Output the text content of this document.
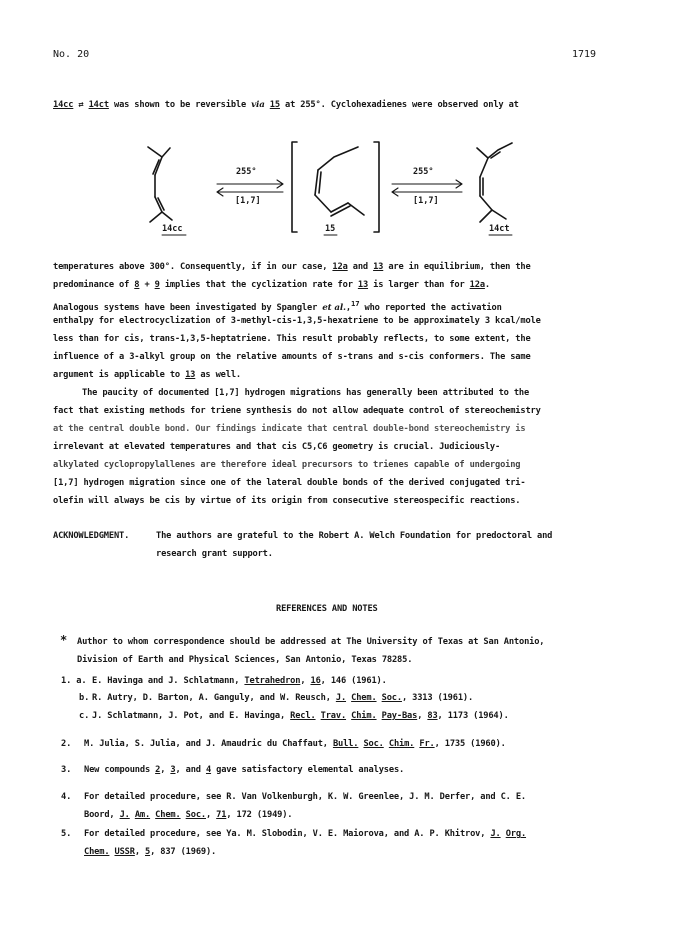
No. 20	1719
14cc ⇄ 14ct was shown to be reversible via 15 at 255°. Cyclohexadienes were observed only at
255°
[1,7]
255°
[1,7]
14cc	15	14ct
temperatures above 300°. Consequently, if in our case, 12a and 13 are in equilibrium, then the
predominance of 8 + 9 implies that the cyclization rate for 13 is larger than for 12a.
Analogous systems have been investigated by Spangler et al.,$^{17}$ who reported the activation
enthalpy for electrocyclization of 3-methyl-cis-1,3,5-hexatriene to be approximately 3 kcal/mole
less than for cis, trans-1,3,5-heptatriene. This result probably reflects, to some extent, the
influence of a 3-alkyl group on the relative amounts of s-trans and s-cis conformers. The same
argument is applicable to 13 as well.
The paucity of documented [1,7] hydrogen migrations has generally been attributed to the
fact that existing methods for triene synthesis do not allow adequate control of stereochemistry
at the central double bond. Our findings indicate that central double-bond stereochemistry is
irrelevant at elevated temperatures and that cis C5,C6 geometry is crucial. Judiciously-
alkylated cyclopropylallenes are therefore ideal precursors to trienes capable of undergoing
[1,7] hydrogen migration since one of the lateral double bonds of the derived conjugated tri-
olefin will always be cis by virtue of its origin from consecutive stereospecific reactions.
ACKNOWLEDGMENT.	The authors are grateful to the Robert A. Welch Foundation for predoctoral and
research grant support.
REFERENCES AND NOTES
* Author to whom correspondence should be addressed at The University of Texas at San Antonio,
Division of Earth and Physical Sciences, San Antonio, Texas 78285.
1. a. E. Havinga and J. Schlatmann, Tetrahedron, 16, 146 (1961).
b. R. Autry, D. Barton, A. Ganguly, and W. Reusch, J. Chem. Soc., 3313 (1961).
c. J. Schlatmann, J. Pot, and E. Havinga, Recl. Trav. Chim. Pay-Bas, 83, 1173 (1964).
2. M. Julia, S. Julia, and J. Amaudric du Chaffaut, Bull. Soc. Chim. Fr., 1735 (1960).
3. New compounds 2, 3, and 4 gave satisfactory elemental analyses.
4. For detailed procedure, see R. Van Volkenburgh, K. W. Greenlee, J. M. Derfer, and C. E.
Boord, J. Am. Chem. Soc., 71, 172 (1949).
5. For detailed procedure, see Ya. M. Slobodin, V. E. Maiorova, and A. P. Khitrov, J. Org.
Chem. USSR, 5, 837 (1969).
